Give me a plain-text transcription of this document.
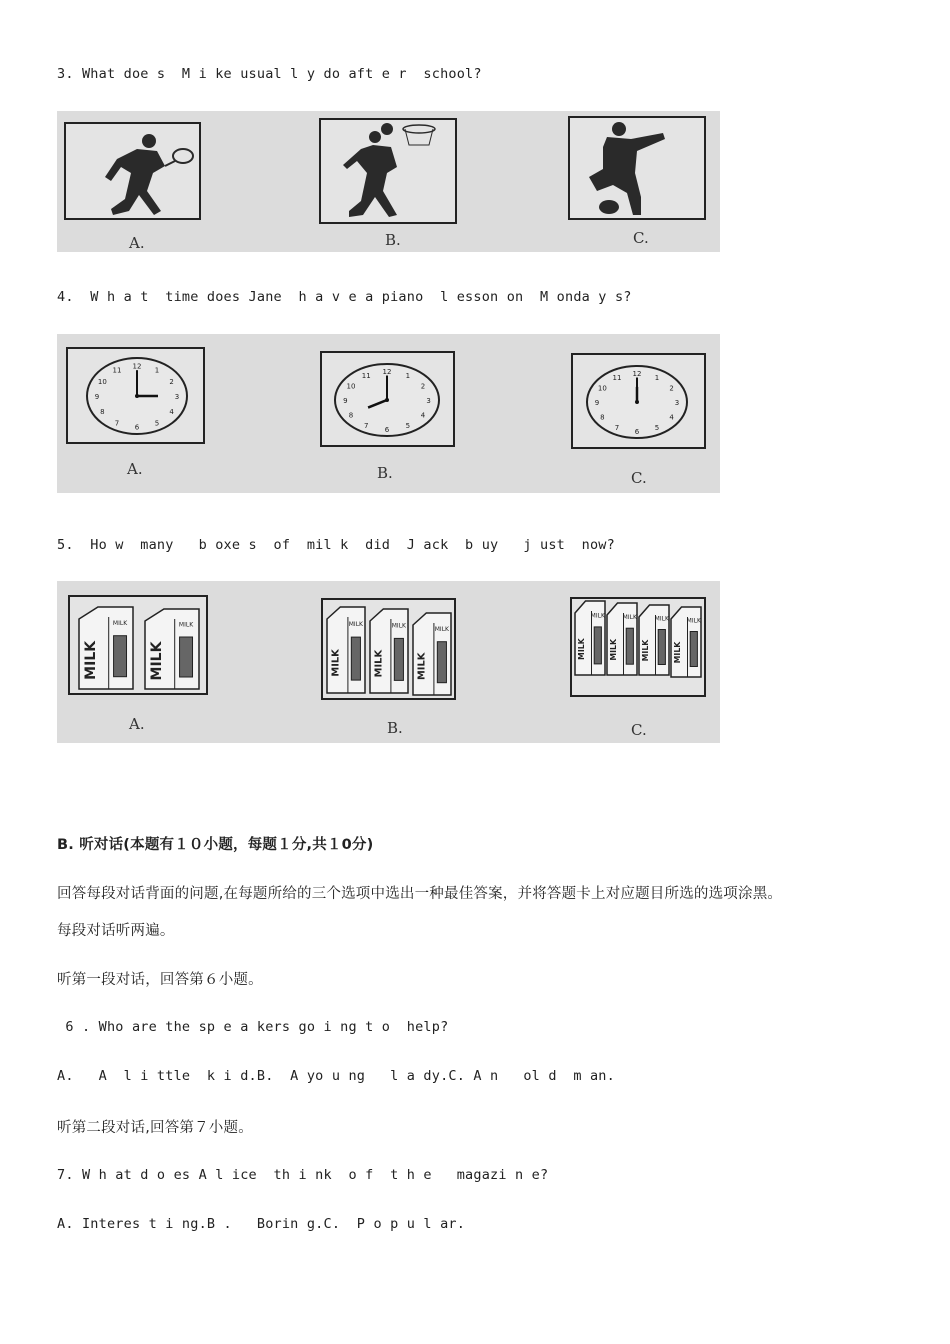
3. What doe s  M i ke usual l y do aft e r  school?
A.	B.	C.
4.  W h a t  time does Jane  h a v e a piano  l esson on  M onda y s?
1
2
3
4
5
6
7
8
9
10
11
12
1
2
3
4
5
6
7
8
9
10
11 12
1
2
3
4
5
6
7
8
9
10
11 12
A.	B.	C.
5.  Ho w  many   b oxe s  of  mil k  did  J ack  b uy   j ust  now?
MILK
MILK
MILK
MILK
MILK
MILK
MILK
MILK
MILK
MILK
MILK
MILK
MILK
MILK
MILK
MILK
MILK
MILK
A.	B.	C.
B. 听对话(本题有１０小题，每题１分,共１0分)
回答每段对话背面的问题,在每题所给的三个选项中选出一种最佳答案，并将答题卡上对应题目所选的选项涂黑。
每段对话听两遍。
听第一段对话，回答第６小题。
6 . Who are the sp e a kers go i ng t o  help?
A.   A  l i ttle  k i d.B.  A yo u ng   l a dy.C. A n   ol d  m an.
听第二段对话,回答第７小题。
7. W h at d o es A l ice  th i nk  o f  t h e   magazi n e?
A. Interes t i ng.B .   Borin g.C.  P o p u l ar.
